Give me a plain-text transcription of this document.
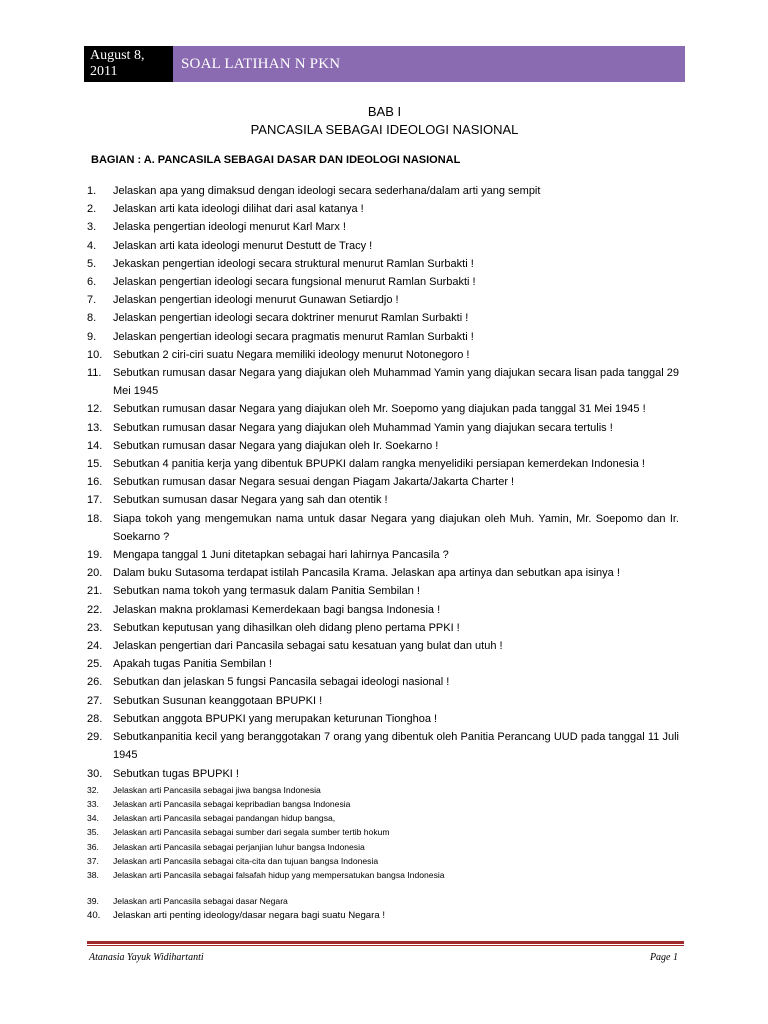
August 8,
2011	SOAL LATIHAN N PKN
BAB I
PANCASILA SEBAGAI IDEOLOGI NASIONAL
BAGIAN : A. PANCASILA SEBAGAI DASAR DAN IDEOLOGI NASIONAL
1. Jelaskan apa yang dimaksud dengan ideologi secara sederhana/dalam arti yang sempit
2. Jelaskan arti kata ideologi dilihat dari asal katanya !
3. Jelaska pengertian ideologi menurut Karl Marx !
4. Jelaskan arti kata ideologi menurut Destutt de Tracy !
5. Jekaskan pengertian ideologi secara struktural menurut Ramlan Surbakti !
6. Jelaskan pengertian ideologi secara fungsional menurut Ramlan Surbakti !
7. Jelaskan pengertian ideologi menurut Gunawan Setiardjo !
8. Jelaskan pengertian ideologi secara doktriner menurut Ramlan Surbakti !
9. Jelaskan pengertian ideologi secara pragmatis menurut Ramlan Surbakti !
10. Sebutkan 2 ciri-ciri suatu Negara memiliki ideology menurut Notonegoro !
11. Sebutkan rumusan dasar Negara yang diajukan oleh Muhammad Yamin yang diajukan secara lisan pada tanggal 29 Mei 1945
12. Sebutkan rumusan dasar Negara yang diajukan oleh Mr. Soepomo yang diajukan pada tanggal 31 Mei 1945 !
13. Sebutkan rumusan dasar Negara yang diajukan oleh Muhammad Yamin yang diajukan secara tertulis !
14. Sebutkan rumusan dasar Negara yang diajukan oleh Ir. Soekarno !
15. Sebutkan 4 panitia kerja yang dibentuk BPUPKI dalam rangka menyelidiki persiapan kemerdekan Indonesia !
16. Sebutkan rumusan dasar Negara sesuai dengan Piagam Jakarta/Jakarta Charter !
17. Sebutkan sumusan dasar Negara yang sah dan otentik !
18. Siapa tokoh yang mengemukan nama untuk dasar Negara yang diajukan oleh Muh. Yamin, Mr. Soepomo dan Ir. Soekarno ?
19. Mengapa tanggal 1 Juni ditetapkan sebagai hari lahirnya Pancasila ?
20. Dalam buku Sutasoma terdapat istilah Pancasila Krama. Jelaskan apa artinya dan sebutkan apa isinya !
21. Sebutkan nama tokoh yang termasuk dalam Panitia Sembilan !
22. Jelaskan makna proklamasi Kemerdekaan bagi bangsa Indonesia !
23. Sebutkan keputusan yang dihasilkan oleh didang pleno pertama PPKI !
24. Jelaskan pengertian dari Pancasila sebagai satu kesatuan yang bulat dan utuh !
25. Apakah tugas Panitia Sembilan !
26. Sebutkan dan jelaskan 5 fungsi Pancasila sebagai ideologi nasional !
27. Sebutkan Susunan keanggotaan BPUPKI !
28. Sebutkan anggota BPUPKI yang merupakan keturunan Tionghoa !
29. Sebutkanpanitia kecil yang beranggotakan 7 orang yang dibentuk oleh Panitia Perancang UUD pada tanggal 11 Juli 1945
30. Sebutkan tugas BPUPKI !
32. Jelaskan arti Pancasila sebagai jiwa bangsa Indonesia
33. Jelaskan arti Pancasila sebagai kepribadian bangsa Indonesia
34. Jelaskan arti Pancasila sebagai pandangan hidup bangsa,
35. Jelaskan arti Pancasila sebagai sumber dari segala sumber tertib hokum
36. Jelaskan arti Pancasila sebagai perjanjian luhur bangsa Indonesia
37. Jelaskan arti Pancasila sebagai cita-cita dan tujuan bangsa Indonesia
38. Jelaskan arti Pancasila sebagai falsafah hidup yang mempersatukan bangsa Indonesia
39. Jelaskan arti Pancasila sebagai dasar Negara
40. Jelaskan arti penting ideology/dasar negara bagi suatu Negara !
Atanasia Yayuk Widihartanti	Page 1
